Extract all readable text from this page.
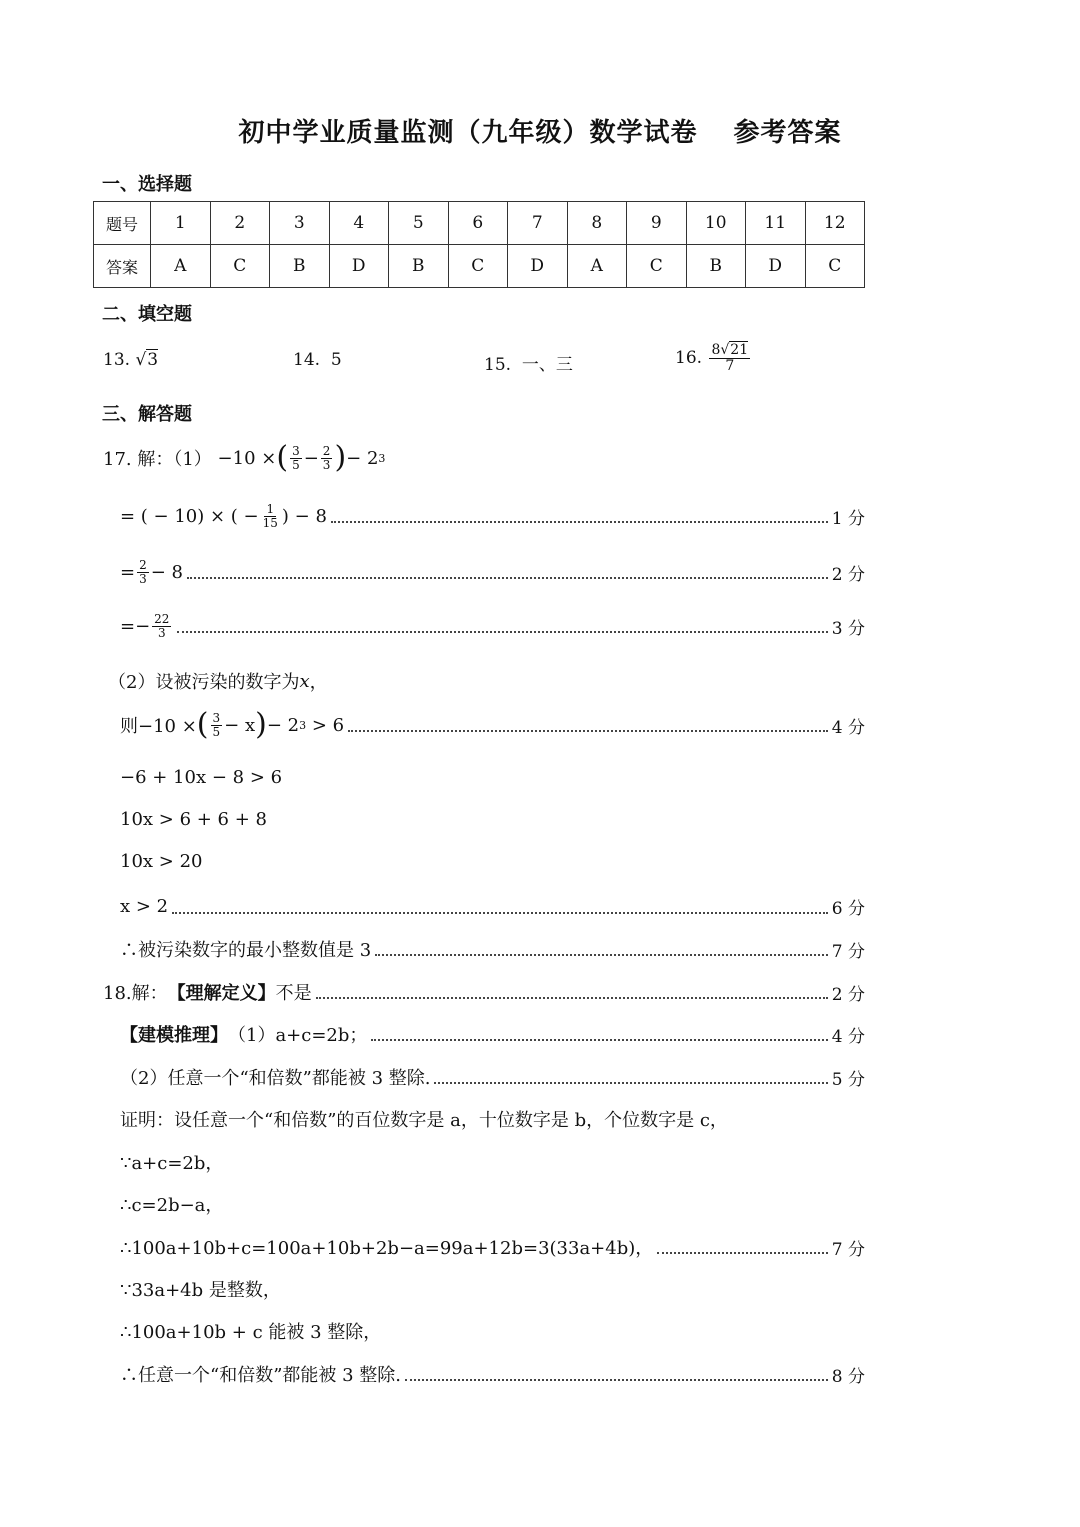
初中学业质量监测（九年级）数学试卷 参考答案
一、选择题
题号	1	2	3	4	5	6	7	8	9	10	11	12
答案	A	C	B	D	B	C	D	A	C	B	D	C
二、填空题
13. √3	14. 5	15. 一、三	16. $\frac{8√21}{7}$
三、解答题
17. 解：（1）
−10 × ( $\frac{3}{5} - \frac{2}{3}$ ) − 2 3
= ( − 10) × ( − $\frac{1}{15}$ ) − 8	1 分
= $\frac{2}{3} - 8$	2 分
=− $\frac{22}{3}$	3 分
（2）设被污染的数字为 x ，
则−10 × ( $\frac{3}{5} - x$ ) − 2 3
> 6	4 分
−6 + 10x − 8 > 6
10x > 6 + 6 + 8
10x > 20
x > 2	6 分
∴被污染数字的最小整数值是 3	7 分
18.解： 【理解定义】 不是	2 分
【建模推理】 （1）a+c=2b；	4 分
（2）任意一个“和倍数”都能被 3 整除.	5 分
证明：设任意一个“和倍数”的百位数字是 a，十位数字是 b，个位数字是 c，
∵a+c=2b，
∴c=2b−a，
∴100a+10b+c=100a+10b+2b−a=99a+12b=3(33a+4b)，	7 分
∵33a+4b 是整数，
∴100a+10b + c 能被 3 整除，
∴任意一个“和倍数”都能被 3 整除.	8 分
